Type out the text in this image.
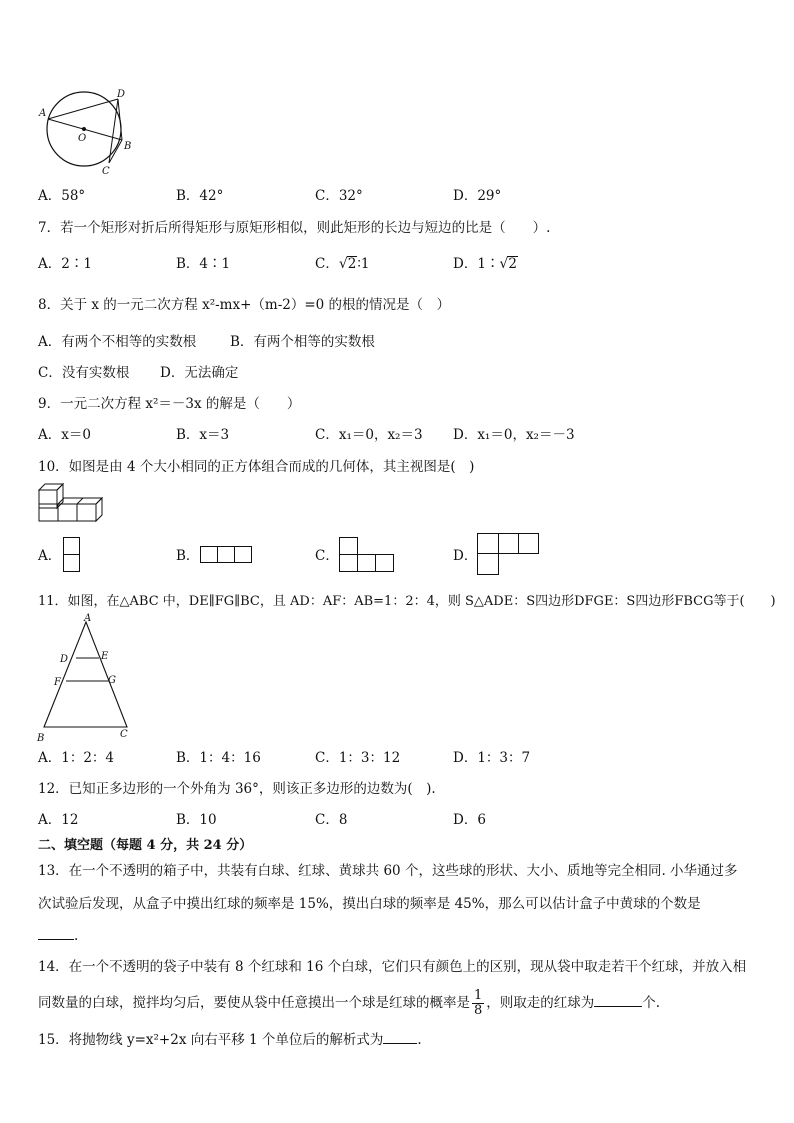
A
D
O
B
C
A．58°	B．42°	C．32°	D．29°
7．若一个矩形对折后所得矩形与原矩形相似，则此矩形的长边与短边的比是（　　）.
A．2∶1	B．4∶1	C．√2∶1	D．1∶√2
8．关于 x 的一元二次方程 x²-mx+（m-2）=0 的根的情况是（　）
A．有两个不相等的实数根	B．有两个相等的实数根
C．没有实数根 D．无法确定
9．一元二次方程 x²＝－3x 的解是（　　）
A．x＝0	B．x＝3	C．x₁＝0，x₂＝3 D．x₁＝0，x₂＝－3
10．如图是由 4 个大小相同的正方体组合而成的几何体，其主视图是(　)
A．	B．	C．	D．
11．如图，在△ABC 中，DE∥FG∥BC，且 AD：AF：AB=1：2：4，则 S△ADE：S四边形DFGE：S四边形FBCG等于(　　)
A
D	E
F	G
B	C
A．1：2：4	B．1：4：16	C．1：3：12	D．1：3：7
12．已知正多边形的一个外角为 36°，则该正多边形的边数为(　).
A．12	B．10	C．8	D．6
二、填空题（每题 4 分，共 24 分）
13．在一个不透明的箱子中，共装有白球、红球、黄球共 60 个，这些球的形状、大小、质地等完全相同. 小华通过多
次试验后发现，从盒子中摸出红球的频率是 15%，摸出白球的频率是 45%，那么可以估计盒子中黄球的个数是
.
14．在一个不透明的袋子中装有 8 个红球和 16 个白球，它们只有颜色上的区别，现从袋中取走若干个红球，并放入相
同数量的白球，搅拌均匀后，要使从袋中任意摸出一个球是红球的概率是 $\frac{1}{8}$ ，则取走的红球为	个.
15．将抛物线 y=x²+2x 向右平移 1 个单位后的解析式为	.
